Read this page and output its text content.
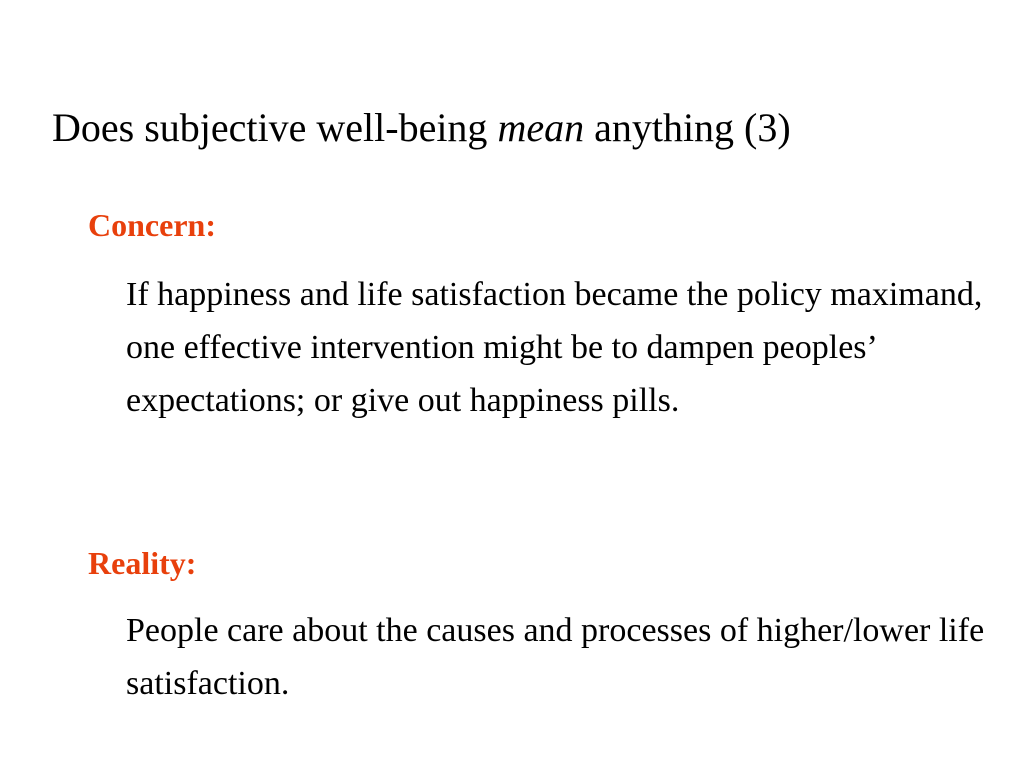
Does subjective well-being mean anything (3)
Concern:
If happiness and life satisfaction became the policy maximand, one effective intervention might be to dampen peoples’ expectations; or give out happiness pills.
Reality:
People care about the causes and processes of higher/lower life satisfaction.
